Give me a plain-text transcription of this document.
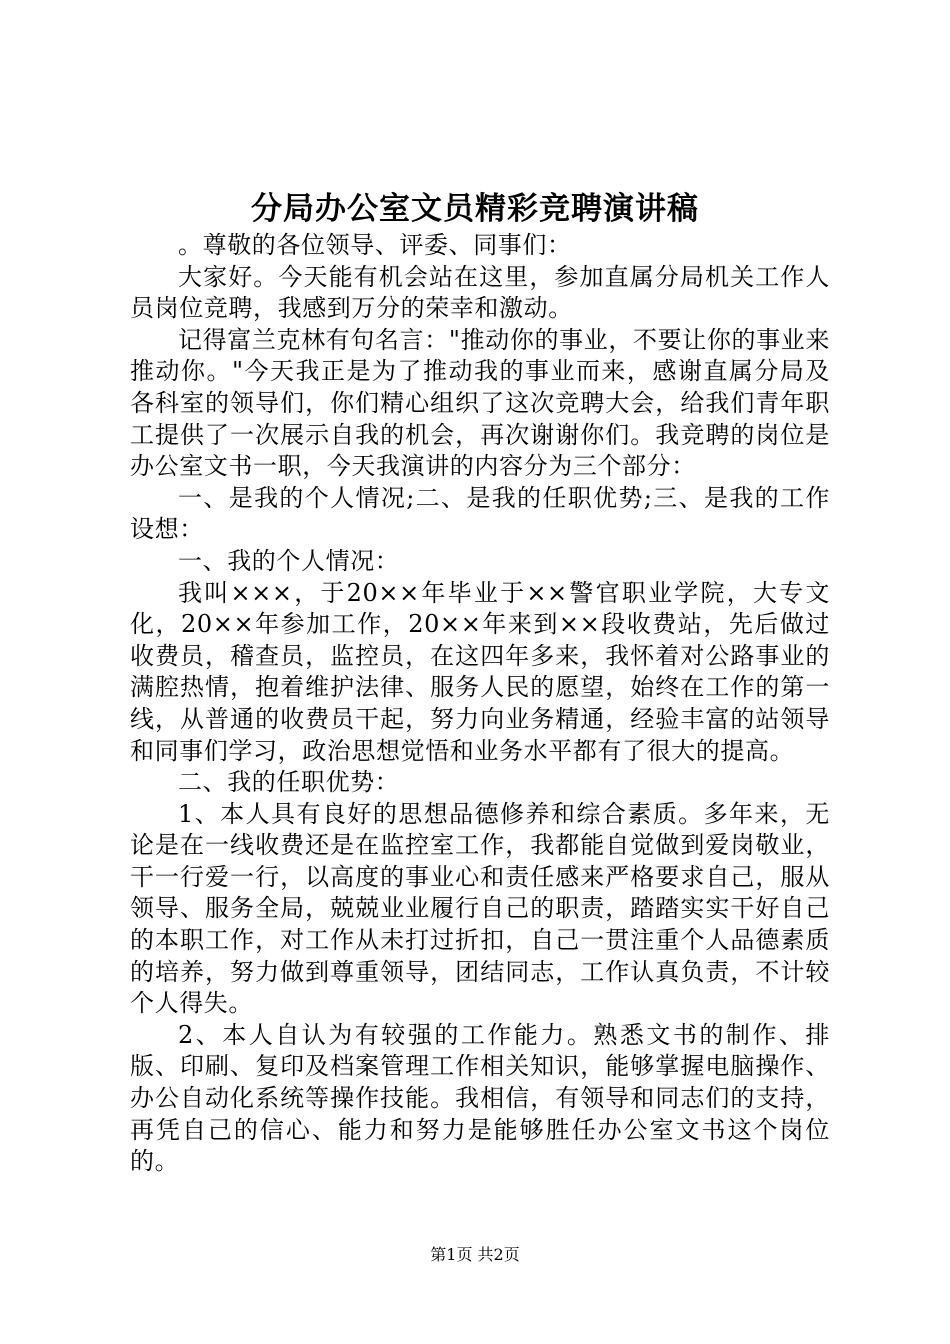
分局办公室文员精彩竞聘演讲稿

。尊敬的各位领导、评委、同事们：

大家好。今天能有机会站在这里，参加直属分局机关工作人员岗位竞聘，我感到万分的荣幸和激动。

记得富兰克林有句名言："推动你的事业，不要让你的事业来推动你。"今天我正是为了推动我的事业而来，感谢直属分局及各科室的领导们，你们精心组织了这次竞聘大会，给我们青年职工提供了一次展示自我的机会，再次谢谢你们。我竞聘的岗位是办公室文书一职，今天我演讲的内容分为三个部分：

一、是我的个人情况;二、是我的任职优势;三、是我的工作设想：

一、我的个人情况：

我叫×××，于20××年毕业于××警官职业学院，大专文化，20××年参加工作，20××年来到××段收费站，先后做过收费员，稽查员，监控员，在这四年多来，我怀着对公路事业的满腔热情，抱着维护法律、服务人民的愿望，始终在工作的第一线，从普通的收费员干起，努力向业务精通，经验丰富的站领导和同事们学习，政治思想觉悟和业务水平都有了很大的提高。

二、我的任职优势：

1、本人具有良好的思想品德修养和综合素质。多年来，无论是在一线收费还是在监控室工作，我都能自觉做到爱岗敬业，干一行爱一行，以高度的事业心和责任感来严格要求自己，服从领导、服务全局，兢兢业业履行自己的职责，踏踏实实干好自己的本职工作，对工作从未打过折扣，自己一贯注重个人品德素质的培养，努力做到尊重领导，团结同志，工作认真负责，不计较个人得失。

2、本人自认为有较强的工作能力。熟悉文书的制作、排版、印刷、复印及档案管理工作相关知识，能够掌握电脑操作、办公自动化系统等操作技能。我相信，有领导和同志们的支持，再凭自己的信心、能力和努力是能够胜任办公室文书这个岗位的。

第1页 共2页
